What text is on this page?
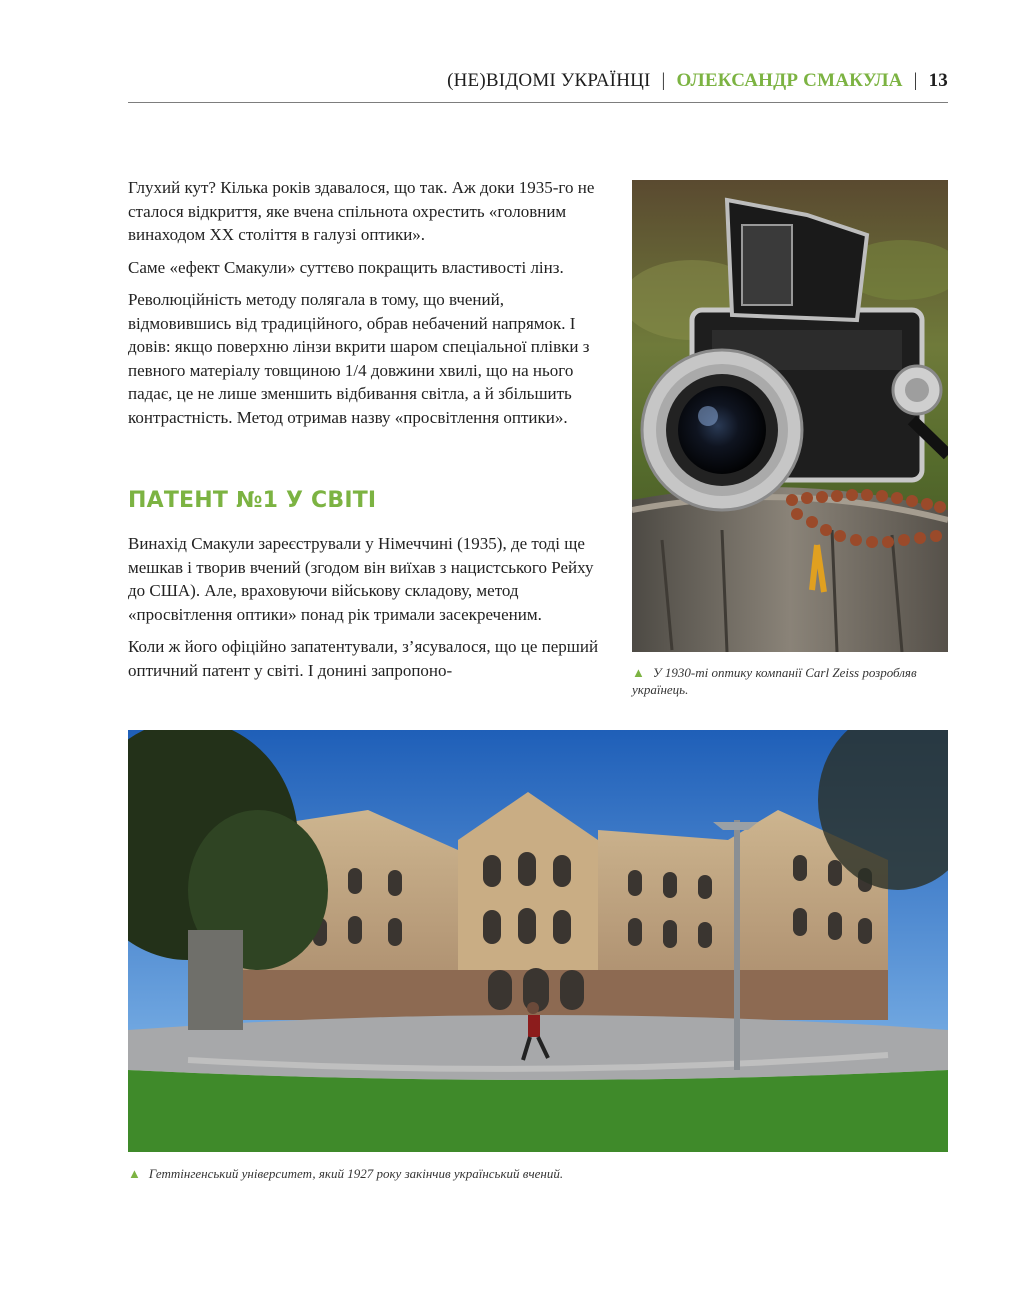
(НЕ)ВІДОМІ УКРАЇНЦІ | ОЛЕКСАНДР СМАКУЛА | 13

Глухий кут? Кілька років здавалося, що так. Аж доки 1935-го не сталося відкриття, яке вчена спільнота охрестить «головним винаходом XX століття в галузі оптики».

Саме «ефект Смакули» суттєво покращить властивості лінз.

Революційність методу полягала в тому, що вчений, відмовившись від традиційного, обрав небачений напрямок. І довів: якщо поверхню лінзи вкрити шаром спеціальної плівки з певного матеріалу товщиною 1/4 довжини хвилі, що на нього падає, це не лише зменшить відбивання світла, а й збільшить контрастність. Метод отримав назву «просвітлення оптики».

ПАТЕНТ №1 У СВІТІ

Винахід Смакули зареєстрували у Німеччині (1935), де тоді ще мешкав і творив вчений (згодом він виїхав з нацистського Рейху до США). Але, враховуючи військову складову, метод «просвітлення оптики» понад рік тримали засекреченим.

Коли ж його офіційно запатентували, з’ясувалося, що це перший оптичний патент у світі. І донині запропоно-	▲ У 1930-ті оптику компанії Carl Zeiss розробляв українець.
▲ Геттінгенський університет, який 1927 року закінчив український вчений.
